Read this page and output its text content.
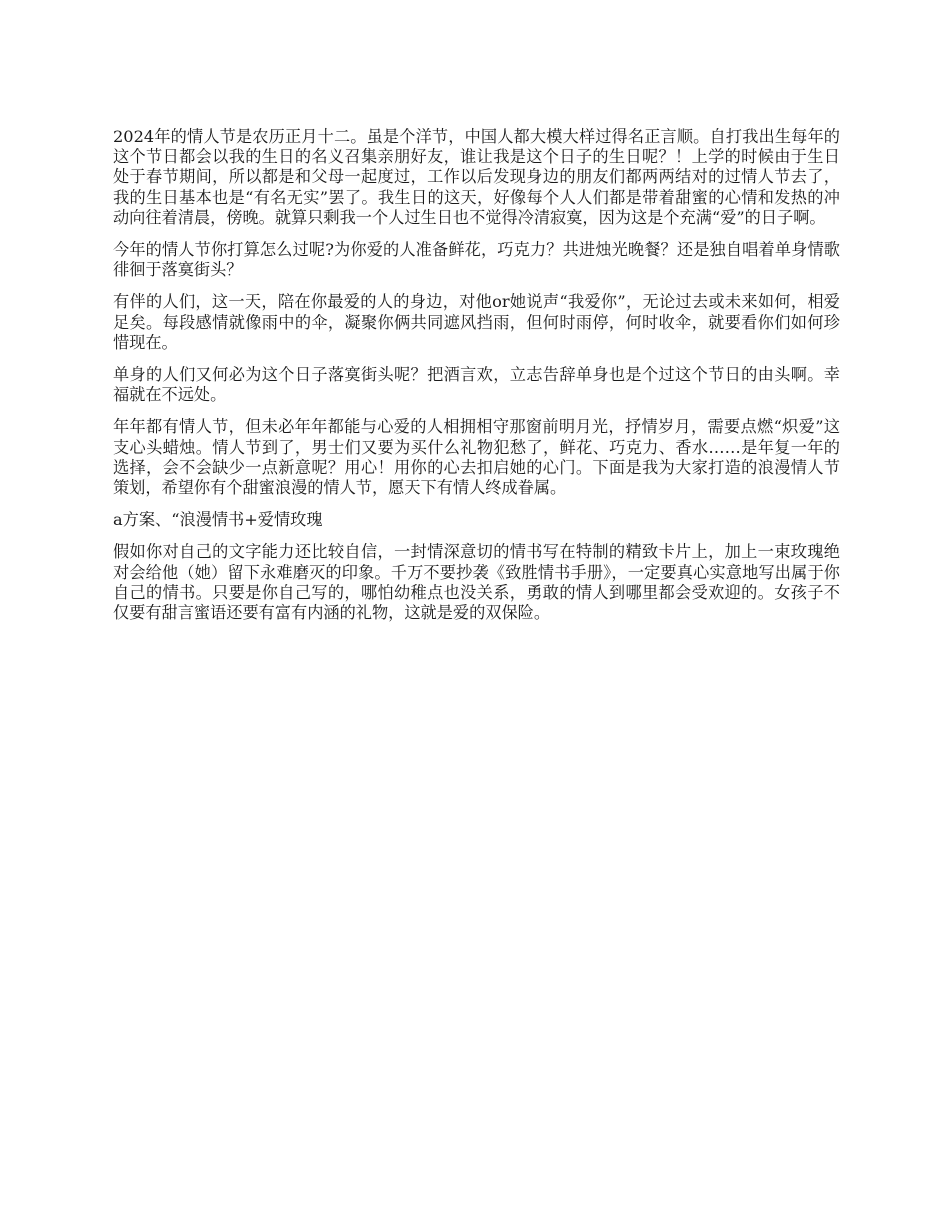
2024年的情人节是农历正月十二。虽是个洋节，中国人都大模大样过得名正言顺。自打我出生每年的这个节日都会以我的生日的名义召集亲朋好友，谁让我是这个日子的生日呢？！上学的时候由于生日处于春节期间，所以都是和父母一起度过，工作以后发现身边的朋友们都两两结对的过情人节去了，我的生日基本也是“有名无实”罢了。我生日的这天，好像每个人人们都是带着甜蜜的心情和发热的冲动向往着清晨，傍晚。就算只剩我一个人过生日也不觉得冷清寂寞，因为这是个充满“爱”的日子啊。

今年的情人节你打算怎么过呢?为你爱的人准备鲜花，巧克力？共进烛光晚餐？还是独自唱着单身情歌徘徊于落寞街头？

有伴的人们，这一天，陪在你最爱的人的身边，对他or她说声“我爱你”，无论过去或未来如何，相爱足矣。每段感情就像雨中的伞，凝聚你俩共同遮风挡雨，但何时雨停，何时收伞，就要看你们如何珍惜现在。

单身的人们又何必为这个日子落寞街头呢？把酒言欢，立志告辞单身也是个过这个节日的由头啊。幸福就在不远处。

年年都有情人节，但未必年年都能与心爱的人相拥相守那窗前明月光，抒情岁月，需要点燃“炽爱”这支心头蜡烛。情人节到了，男士们又要为买什么礼物犯愁了，鲜花、巧克力、香水……是年复一年的选择，会不会缺少一点新意呢？用心！用你的心去扣启她的心门。下面是我为大家打造的浪漫情人节策划，希望你有个甜蜜浪漫的情人节，愿天下有情人终成眷属。

a方案、“浪漫情书+爱情玫瑰

假如你对自己的文字能力还比较自信，一封情深意切的情书写在特制的精致卡片上，加上一束玫瑰绝对会给他（她）留下永难磨灭的印象。千万不要抄袭《致胜情书手册》，一定要真心实意地写出属于你自己的情书。只要是你自己写的，哪怕幼稚点也没关系，勇敢的情人到哪里都会受欢迎的。女孩子不仅要有甜言蜜语还要有富有内涵的礼物，这就是爱的双保险。
